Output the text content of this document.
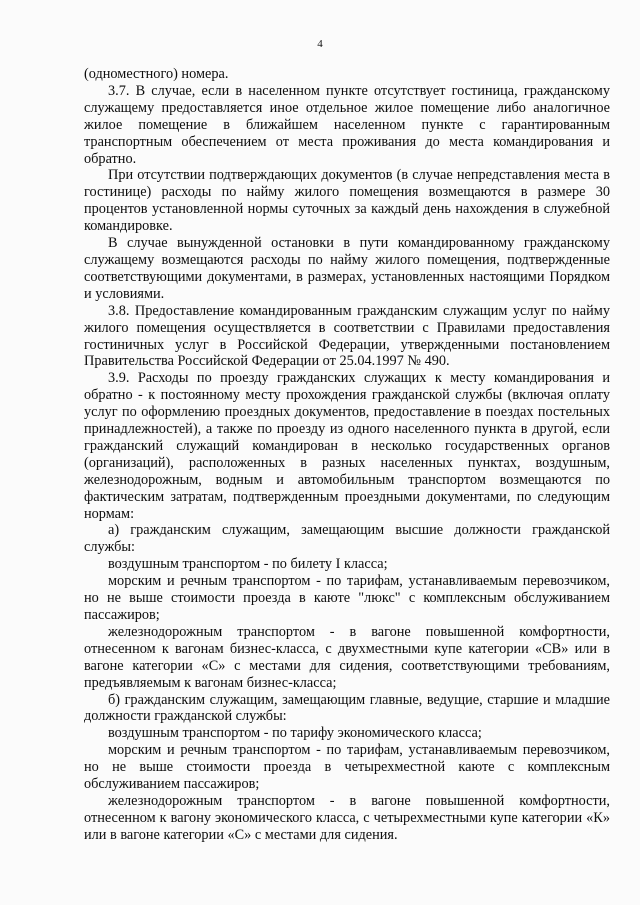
4

(одноместного) номера.

3.7. В случае, если в населенном пункте отсутствует гостиница, гражданскому служащему предоставляется иное отдельное жилое помещение либо аналогичное жилое помещение в ближайшем населенном пункте с гарантированным транспортным обеспечением от места проживания до места командирования и обратно.

При отсутствии подтверждающих документов (в случае непредставления места в гостинице) расходы по найму жилого помещения возмещаются в размере 30 процентов установленной нормы суточных за каждый день нахождения в служебной командировке.

В случае вынужденной остановки в пути командированному гражданскому служащему возмещаются расходы по найму жилого помещения, подтвержденные соответствующими документами, в размерах, установленных настоящими Порядком и условиями.

3.8. Предоставление командированным гражданским служащим услуг по найму жилого помещения осуществляется в соответствии с Правилами предоставления гостиничных услуг в Российской Федерации, утвержденными постановлением Правительства Российской Федерации от 25.04.1997 № 490.

3.9. Расходы по проезду гражданских служащих к месту командирования и обратно - к постоянному месту прохождения гражданской службы (включая оплату услуг по оформлению проездных документов, предоставление в поездах постельных принадлежностей), а также по проезду из одного населенного пункта в другой, если гражданский служащий командирован в несколько государственных органов (организаций), расположенных в разных населенных пунктах, воздушным, железнодорожным, водным и автомобильным транспортом возмещаются по фактическим затратам, подтвержденным проездными документами, по следующим нормам:

а) гражданским служащим, замещающим высшие должности гражданской службы:

воздушным транспортом - по билету I класса;

морским и речным транспортом - по тарифам, устанавливаемым перевозчиком, но не выше стоимости проезда в каюте "люкс" с комплексным обслуживанием пассажиров;

железнодорожным транспортом - в вагоне повышенной комфортности, отнесенном к вагонам бизнес-класса, с двухместными купе категории «СВ» или в вагоне категории «С» с местами для сидения, соответствующими требованиям, предъявляемым к вагонам бизнес-класса;

б) гражданским служащим, замещающим главные, ведущие, старшие и младшие должности гражданской службы:

воздушным транспортом - по тарифу экономического класса;

морским и речным транспортом - по тарифам, устанавливаемым перевозчиком, но не выше стоимости проезда в четырехместной каюте с комплексным обслуживанием пассажиров;

железнодорожным транспортом - в вагоне повышенной комфортности, отнесенном к вагону экономического класса, с четырехместными купе категории «К» или в вагоне категории «С» с местами для сидения.
